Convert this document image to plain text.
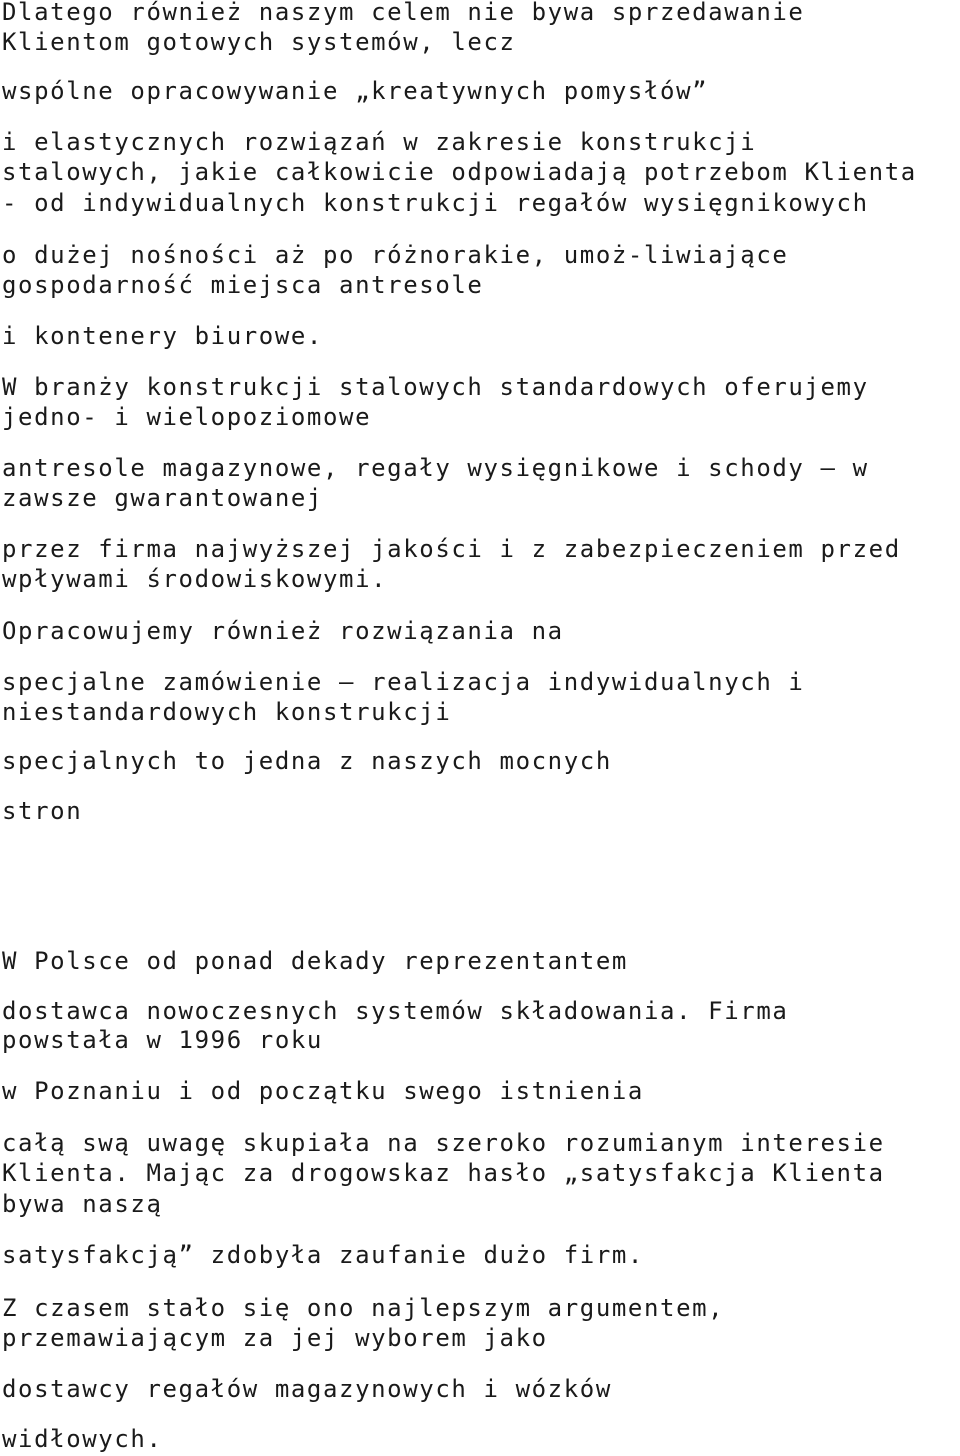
Dlatego również naszym celem nie bywa sprzedawanie
Klientom gotowych systemów, lecz
wspólne opracowywanie „kreatywnych pomysłów”
i elastycznych rozwiązań w zakresie konstrukcji
stalowych, jakie całkowicie odpowiadają potrzebom Klienta
- od indywidualnych konstrukcji regałów wysięgnikowych
o dużej nośności aż po różnorakie, umoż-liwiające
gospodarność miejsca antresole
i kontenery biurowe.
W branży konstrukcji stalowych standardowych oferujemy
jedno- i wielopoziomowe
antresole magazynowe, regały wysięgnikowe i schody – w
zawsze gwarantowanej
przez firma najwyższej jakości i z zabezpieczeniem przed
wpływami środowiskowymi.
Opracowujemy również rozwiązania na
specjalne zamówienie – realizacja indywidualnych i
niestandardowych konstrukcji
specjalnych to jedna z naszych mocnych
stron
W Polsce od ponad dekady reprezentantem
dostawca nowoczesnych systemów składowania. Firma
powstała w 1996 roku
w Poznaniu i od początku swego istnienia
całą swą uwagę skupiała na szeroko rozumianym interesie
Klienta. Mając za drogowskaz hasło „satysfakcja Klienta
bywa naszą
satysfakcją” zdobyła zaufanie dużo firm.
Z czasem stało się ono najlepszym argumentem,
przemawiającym za jej wyborem jako
dostawcy regałów magazynowych i wózków
widłowych.
